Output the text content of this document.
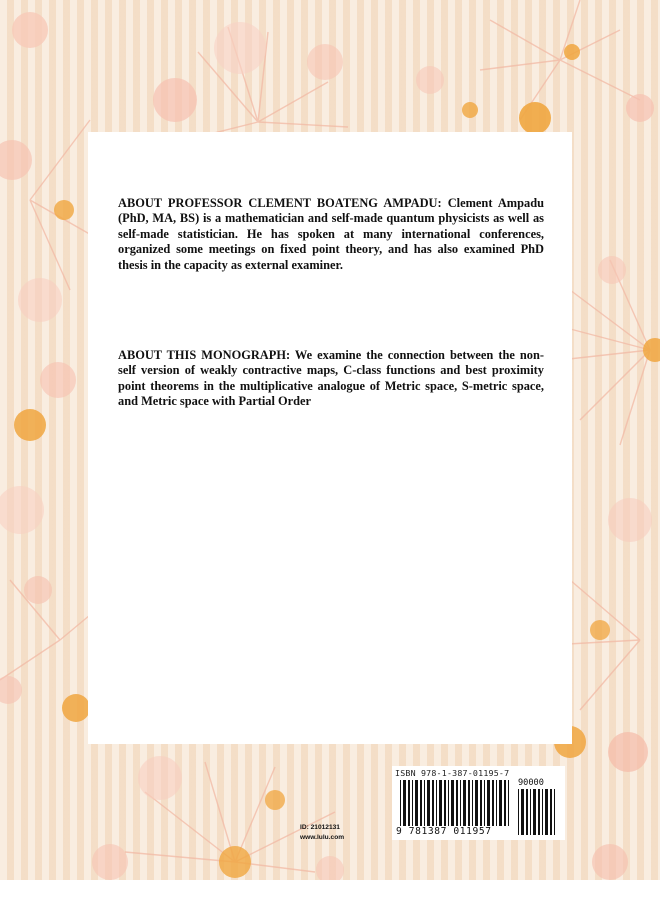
ABOUT PROFESSOR CLEMENT BOATENG AMPADU: Clement Ampadu (PhD, MA, BS) is a mathematician and self-made quantum physicists as well as self-made statistician. He has spoken at many international conferences, organized some meetings on fixed point theory, and has also examined PhD thesis in the capacity as external examiner.

ABOUT THIS MONOGRAPH: We examine the connection between the non-self version of weakly contractive maps, C-class functions and best proximity point theorems in the multiplicative analogue of Metric space, S-metric space, and Metric space with Partial Order

ID: 21012131
www.lulu.com
ISBN 978-1-387-01195-7
9 781387 011957
90000
